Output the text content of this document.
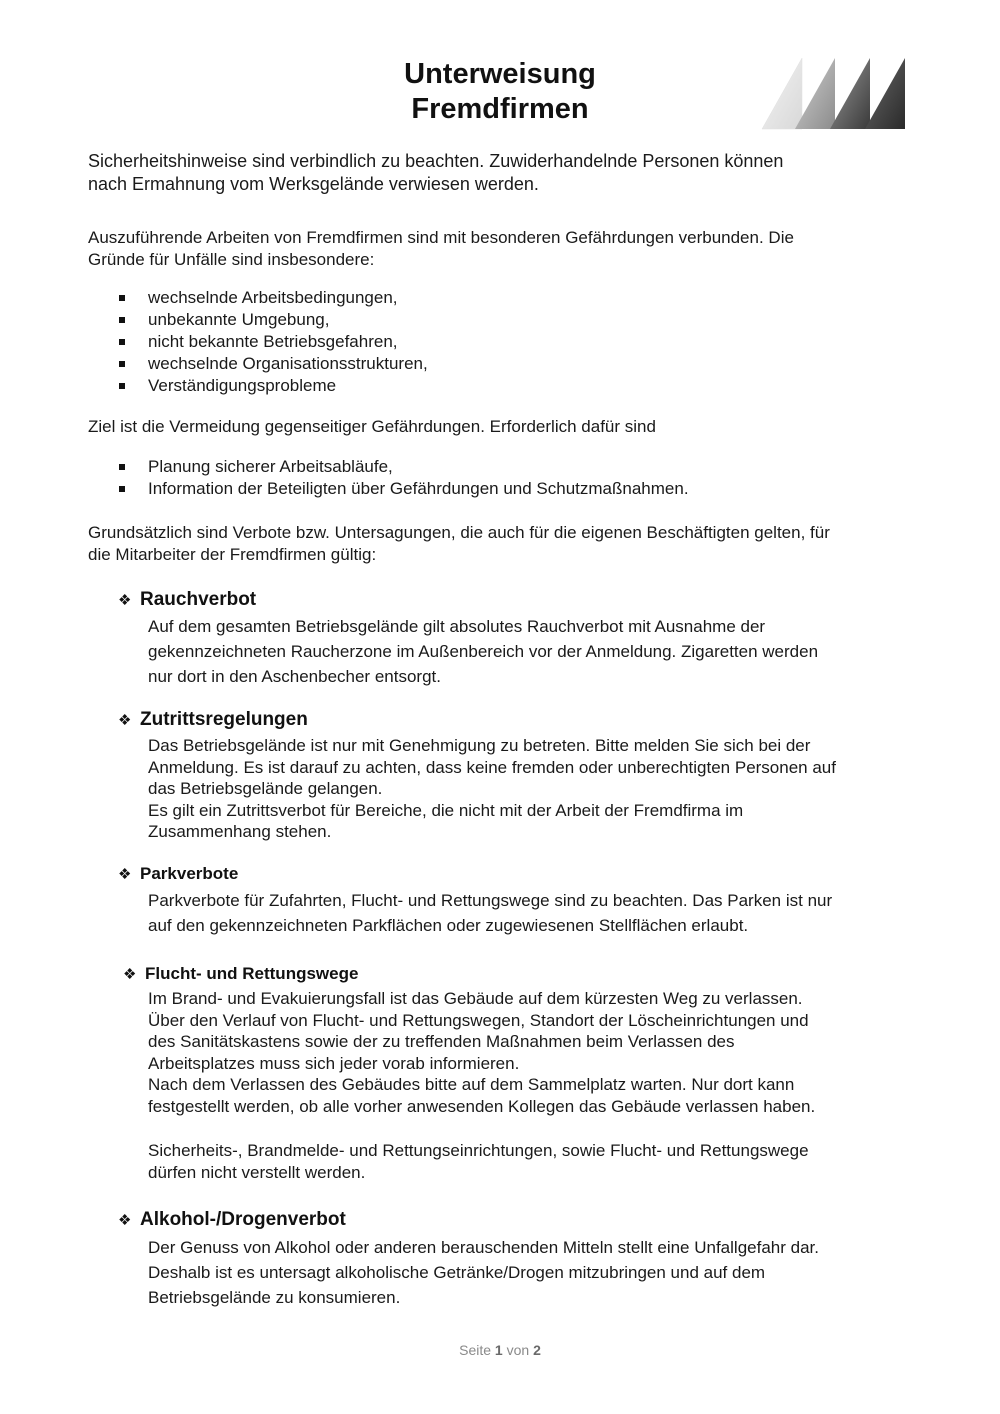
Unterweisung
Fremdfirmen
Sicherheitshinweise sind verbindlich zu beachten. Zuwiderhandelnde Personen können
nach Ermahnung vom Werksgelände verwiesen werden.
Auszuführende Arbeiten von Fremdfirmen sind mit besonderen Gefährdungen verbunden. Die
Gründe für Unfälle sind insbesondere:
wechselnde Arbeitsbedingungen,
unbekannte Umgebung,
nicht bekannte Betriebsgefahren,
wechselnde Organisationsstrukturen,
Verständigungsprobleme
Ziel ist die Vermeidung gegenseitiger Gefährdungen. Erforderlich dafür sind
Planung sicherer Arbeitsabläufe,
Information der Beteiligten über Gefährdungen und Schutzmaßnahmen.
Grundsätzlich sind Verbote bzw. Untersagungen, die auch für die eigenen Beschäftigten gelten, für
die Mitarbeiter der Fremdfirmen gültig:
❖ Rauchverbot
Auf dem gesamten Betriebsgelände gilt absolutes Rauchverbot mit Ausnahme der
gekennzeichneten Raucherzone im Außenbereich vor der Anmeldung. Zigaretten werden
nur dort in den Aschenbecher entsorgt.
❖ Zutrittsregelungen
Das Betriebsgelände ist nur mit Genehmigung zu betreten. Bitte melden Sie sich bei der
Anmeldung. Es ist darauf zu achten, dass keine fremden oder unberechtigten Personen auf
das Betriebsgelände gelangen.
Es gilt ein Zutrittsverbot für Bereiche, die nicht mit der Arbeit der Fremdfirma im
Zusammenhang stehen.
❖ Parkverbote
Parkverbote für Zufahrten, Flucht- und Rettungswege sind zu beachten. Das Parken ist nur
auf den gekennzeichneten Parkflächen oder zugewiesenen Stellflächen erlaubt.
❖ Flucht- und Rettungswege
Im Brand- und Evakuierungsfall ist das Gebäude auf dem kürzesten Weg zu verlassen.
Über den Verlauf von Flucht- und Rettungswegen, Standort der Löscheinrichtungen und
des Sanitätskastens sowie der zu treffenden Maßnahmen beim Verlassen des
Arbeitsplatzes muss sich jeder vorab informieren.
Nach dem Verlassen des Gebäudes bitte auf dem Sammelplatz warten. Nur dort kann
festgestellt werden, ob alle vorher anwesenden Kollegen das Gebäude verlassen haben.
Sicherheits-, Brandmelde- und Rettungseinrichtungen, sowie Flucht- und Rettungswege
dürfen nicht verstellt werden.
❖ Alkohol-/Drogenverbot
Der Genuss von Alkohol oder anderen berauschenden Mitteln stellt eine Unfallgefahr dar.
Deshalb ist es untersagt alkoholische Getränke/Drogen mitzubringen und auf dem
Betriebsgelände zu konsumieren.
Seite 1 von 2
